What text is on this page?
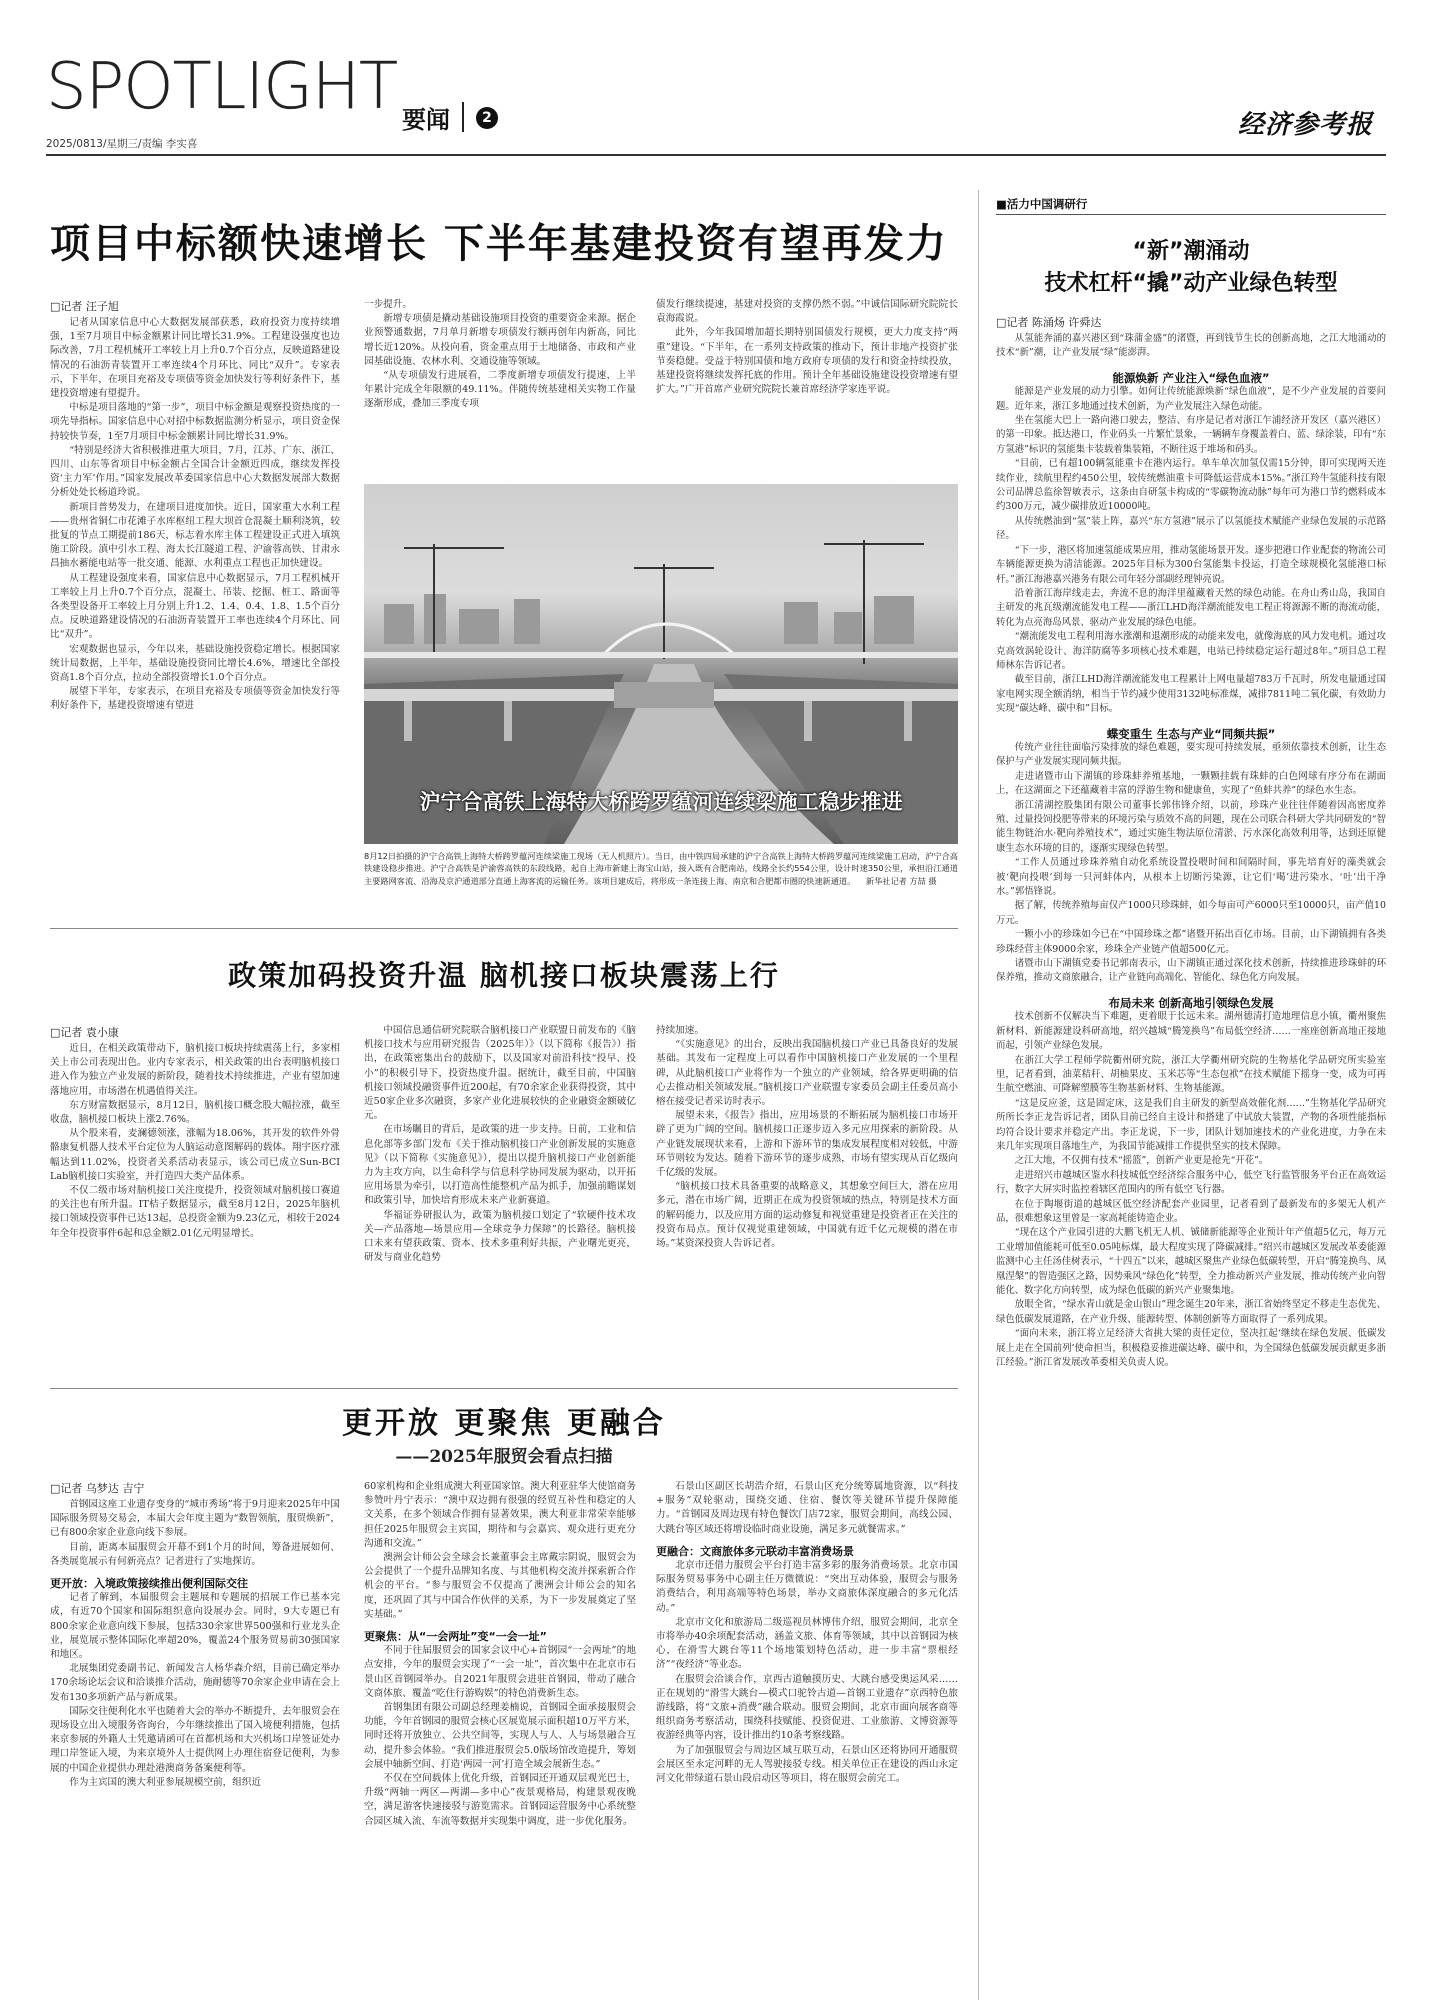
SPOTLIGHT 要闻	2
2025/0813/星期三/责编 李实喜
经济参考报
项目中标额快速增长 下半年基建投资有望再发力
□记者 汪子旭

记者从国家信息中心大数据发展部获悉，政府投资力度持续增强，1至7月项目中标金额累计同比增长31.9%。工程建设强度也边际改善，7月工程机械开工率较上月上升0.7个百分点，反映道路建设情况的石油沥青装置开工率连续4个月环比、同比“双升”。专家表示，下半年，在项目充裕及专项债等资金加快发行等利好条件下，基建投资增速有望提升。

中标是项目落地的“第一步”，项目中标金额是观察投资热度的一项先导指标。国家信息中心对招中标数据监测分析显示，项目资金保持较快节奏，1至7月项目中标金额累计同比增长31.9%。

“特别是经济大省积极推进重大项目，7月，江苏、广东、浙江、四川、山东等省项目中标金额占全国合计金额近四成，继续发挥投资‘主力军’作用。”国家发展改革委国家信息中心大数据发展部大数据分析处处长杨道玲说。

新项目普势发力，在建项目进度加快。近日，国家重大水利工程——贵州省铜仁市花滩子水库枢纽工程大坝首仓混凝土顺利浇筑，较批复的节点工期提前186天，标志着水库主体工程建设正式进入填筑施工阶段。滇中引水工程、海太长江隧道工程、沪渝蓉高铁、甘肃永昌抽水蓄能电站等一批交通、能源、水利重点工程也正加快建设。

从工程建设强度来看，国家信息中心数据显示，7月工程机械开工率较上月上升0.7个百分点，混凝土、吊装、挖掘、桩工、路面等各类型设备开工率较上月分别上升1.2、1.4、0.4、1.8、1.5个百分点。反映道路建设情况的石油沥青装置开工率也连续4个月环比、同比“双升”。

宏观数据也显示，今年以来，基础设施投资稳定增长。根据国家统计局数据，上半年，基础设施投资同比增长4.6%，增速比全部投资高1.8个百分点，拉动全部投资增长1.0个百分点。

展望下半年，专家表示，在项目充裕及专项债等资金加快发行等利好条件下，基建投资增速有望进

一步提升。

新增专项债是撬动基础设施项目投资的重要资金来源。据企业预警通数据，7月单月新增专项债发行额再创年内新高，同比增长近120%。从投向看，资金重点用于土地储备、市政和产业园基础设施、农林水利、交通设施等领域。

“从专项债发行进展看，二季度新增专项债发行提速，上半年累计完成全年限额的49.11%。伴随传统基建相关实物工作量逐渐形成，叠加三季度专项

债发行继续提速，基建对投资的支撑仍然不弱。”中诚信国际研究院院长袁海霞说。

此外，今年我国增加超长期特别国债发行规模，更大力度支持“两重”建设。“下半年，在一系列支持政策的推动下，预计非地产投资扩张节奏稳健。受益于特别国债和地方政府专项债的发行和资金持续投放，基建投资将继续发挥托底的作用。预计全年基础设施建设投资增速有望扩大。”广开首席产业研究院院长兼首席经济学家连平说。

沪宁合高铁上海特大桥跨罗蕴河连续梁施工稳步推进
8月12日拍摄的沪宁合高铁上海特大桥跨罗蕴河连续梁施工现场（无人机照片）。当日，由中铁四局承建的沪宁合高铁上海特大桥跨罗蕴河连续梁施工启动，沪宁合高铁建设稳步推进。沪宁合高铁是沪渝蓉高铁的东段线路，起自上海市新建上海宝山站，接入既有合肥南站，线路全长约554公里，设计时速350公里，承担沿江通道主要路网客流、沿海及京沪通道部分直通上海客流的运输任务。该项目建成后，将形成一条连接上海、南京和合肥都市圈的快速新通道。 新华社记者 方喆 摄
政策加码投资升温 脑机接口板块震荡上行
□记者 袁小康

近日，在相关政策带动下，脑机接口板块持续震荡上行，多家相关上市公司表现出色。业内专家表示，相关政策的出台表明脑机接口进入作为独立产业发展的新阶段，随着技术持续推进，产业有望加速落地应用，市场潜在机遇值得关注。

东方财富数据显示，8月12日，脑机接口概念股大幅拉涨，截至收盘，脑机接口板块上涨2.76%。

从个股来看，麦澜德领涨，涨幅为18.06%，其开发的软件外骨骼康复机器人技术平台定位为人脑运动意图解码的载体。翔宇医疗涨幅达到11.02%，投资者关系活动表显示，该公司已成立Sun-BCI Lab脑机接口实验室，并打造四大类产品体系。

不仅二级市场对脑机接口关注度提升，投资领域对脑机接口赛道的关注也有所升温。IT桔子数据显示，截至8月12日，2025年脑机接口领域投资事件已达13起，总投资金额为9.23亿元，相较于2024年全年投资事件6起和总金额2.01亿元明显增长。

中国信息通信研究院联合脑机接口产业联盟日前发布的《脑机接口技术与应用研究报告（2025年）》（以下简称《报告》）指出，在政策密集出台的鼓励下，以及国家对前沿科技“投早、投小”的积极引导下，投资热度升温。据统计，截至目前，中国脑机接口领域投融资事件近200起，有70余家企业获得投资，其中近50家企业多次融资，多家产业化进展较快的企业融资金额破亿元。

在市场瞩目的背后，是政策的进一步支持。日前，工业和信息化部等多部门发布《关于推动脑机接口产业创新发展的实施意见》（以下简称《实施意见》），提出以提升脑机接口产业创新能力为主攻方向，以生命科学与信息科学协同发展为驱动，以开拓应用场景为牵引，以打造高性能整机产品为抓手，加强前瞻谋划和政策引导，加快培育形成未来产业新赛道。

华福证券研报认为，政策为脑机接口划定了“软硬件技术攻关—产品落地—场景应用—全球竞争力保障”的长路径。脑机接口未来有望获政策、资本、技术多重利好共振，产业曙光更亮，研发与商业化趋势

持续加速。

“《实施意见》的出台，反映出我国脑机接口产业已具备良好的发展基础。其发布一定程度上可以看作中国脑机接口产业发展的一个里程碑，从此脑机接口产业将作为一个独立的产业领域，给各界更明确的信心去推动相关领域发展。”脑机接口产业联盟专家委员会副主任委员高小榕在接受记者采访时表示。

展望未来，《报告》指出，应用场景的不断拓展为脑机接口市场开辟了更为广阔的空间。脑机接口正逐步迈入多元应用探索的新阶段。从产业链发展现状来看，上游和下游环节的集成发展程度相对较低，中游环节则较为发达。随着下游环节的逐步成熟，市场有望实现从百亿级向千亿级的发展。

“脑机接口技术具备重要的战略意义，其想象空间巨大，潜在应用多元，潜在市场广阔，近期正在成为投资领域的热点，特别是技术方面的解码能力，以及应用方面的运动修复和视觉重建是投资者正在关注的投资布局点。预计仅视觉重建领域，中国就有近千亿元规模的潜在市场。”某资深投资人告诉记者。

更开放 更聚焦 更融合
——2025年服贸会看点扫描
□记者 乌梦达 吉宁

首钢园这座工业遗存变身的“城市秀场”将于9月迎来2025年中国国际服务贸易交易会，本届大会年度主题为“数智领航，服贸焕新”，已有800余家企业意向线下参展。

目前，距离本届服贸会开幕不到1个月的时间，筹备进展如何、各类展览展示有何新亮点？记者进行了实地探访。

更开放：入境政策接续推出便利国际交往

记者了解到，本届服贸会主题展和专题展的招展工作已基本完成，有近70个国家和国际组织意向设展办会。同时，9大专题已有800余家企业意向线下参展，包括330余家世界500强和行业龙头企业，展览展示整体国际化率超20%，覆盖24个服务贸易前30强国家和地区。

北展集团党委副书记、新闻发言人杨华森介绍，目前已确定举办170余场论坛会议和洽谈推介活动，施耐德等70余家企业申请在会上发布130多项新产品与新成果。

国际交往便利化水平也随着大会的举办不断提升，去年服贸会在现场设立出入境服务咨询台，今年继续推出了国入境便利措施，包括来京参展的外籍人士凭邀请函可在首都机场和大兴机场口岸签证处办理口岸签证入境，为来京境外人士提供网上办理住宿登记便利，为参展的中国企业提供办理赴港澳商务备案便利等。

作为主宾国的澳大利亚参展规模空前，组织近

60家机构和企业组成澳大利亚国家馆。澳大利亚驻华大使馆商务参赞叶丹宁表示：“澳中双边拥有很强的经贸互补性和稳定的人文关系，在多个领域合作拥有显著效果，澳大利亚非常荣幸能够担任2025年服贸会主宾国，期待和与会嘉宾、观众进行更充分沟通和交流。”

澳洲会计师公会全球会长兼董事会主席戴宗阴说，服贸会为公会提供了一个提升品牌知名度、与其他机构交流并探索新合作机会的平台。“参与服贸会不仅提高了澳洲会计师公会的知名度，还巩固了其与中国合作伙伴的关系，为下一步发展奠定了坚实基础。”

更聚焦：从“一会两址”变“一会一址”

不同于往届服贸会的国家会议中心+首钢园“一会两址”的地点安排，今年的服贸会实现了“一会一址”，首次集中在北京市石景山区首钢园举办。自2021年服贸会进驻首钢园，带动了融合文商体旅、覆盖“吃住行游购娱”的特色消费新生态。

首钢集团有限公司副总经理姜楠说，首钢园全面承接服贸会功能，今年首钢园的服贸会核心区展览展示面积超10万平方米，同时还将开放独立、公共空间等，实现人与人、人与场景融合互动，提升参会体验。“我们推进服贸会5.0版场馆改造提升，筹划会展中轴新空间、打造‘两园一河’打造全域会展新生态。”

不仅在空间载体上优化升级，首钢园还开通双层观光巴士，升级“两轴一两区—两湖—多中心”夜景观格局，构建景观夜晚空，满足游客快速接驳与游览需求。首钢园运营服务中心系统整合园区城入流、车流等数据并实现集中调度，进一步优化服务。

石景山区副区长胡浩介绍，石景山区充分统筹属地资源，以“科技+服务”双轮驱动，围绕交通、住宿、餐饮等关键环节提升保障能力。“首钢园及周边现有特色餐饮门店72家，服贸会期间，高线公园、大跳台等区域还将增设临时商业设施，满足多元就餐需求。”

更融合：文商旅体多元联动丰富消费场景

北京市还借力服贸会平台打造丰富多彩的服务消费场景。北京市国际服务贸易事务中心副主任万微微说：“突出互动体验，服贸会与服务消费结合，利用高端等特色场景，举办文商旅体深度融合的多元化活动。”

北京市文化和旅游局二级巡视员林博伟介绍，服贸会期间，北京全市将举办40余项配套活动，涵盖文旅、体育等领域，其中以首钢园为核心，在滑雪大跳台等11个场地策划特色活动，进一步丰富“票根经济”“夜经济”等业态。

在服贸会洽谈合作，京西古道触摸历史、大跳台感受奥运风采……正在规划的“滑雪大跳台—模式口驼铃古道—首钢工业遗存”京西特色旅游线路，将“文旅+消费”融合联动。服贸会期间，北京市面向展客商等组织商务考察活动，围绕科技赋能、投资促进、工业旅游、文博资源等夜游经典等内容，设计推出约10条考察线路。

为了加强服贸会与周边区域互联互动，石景山区还将协同开通服贸会展区至永定河畔的无人驾驶接驳专线。相关单位正在建设的西山永定河文化带绿道石景山段启动区等项目，将在服贸会前完工。

■活力中国调研行
“新”潮涌动
技术杠杆“撬”动产业绿色转型
□记者 陈涌炀 许舜达

从氢能奔涌的嘉兴港区到“珠蒲金盛”的渚暨，再到钱节生长的创新高地，之江大地涌动的技术“新”潮，让产业发展“绿”能澎湃。

能源焕新 产业注入“绿色血液”

能源是产业发展的动力引擎。如何让传统能源焕新“绿色血液”，是不少产业发展的首要问题。近年来，浙江多地通过技术创新，为产业发展注入绿色动能。

坐在氢能大巴上一路向港口驶去，整洁、有序是记者对浙江乍浦经济开发区（嘉兴港区）的第一印象。抵达港口，作业码头一片繁忙景象，一辆辆车身覆盖着白、蓝、绿涂装，印有“东方氢港”标识的氢能集卡装载着集装箱，不断往返于堆场和码头。

“目前，已有超100辆氢能重卡在港内运行。单车单次加氢仅需15分钟，即可实现两天连续作业，续航里程约450公里，较传统燃油重卡可降低运营成本15%。”浙江羚牛氢能科技有限公司品牌总监徐智敏表示，这条由自研氢卡构成的“零碳物流动脉”每年可为港口节约燃料成本约300万元，减少碳排放近10000吨。

从传统燃油到“氢”装上阵，嘉兴“东方氢港”展示了以氢能技术赋能产业绿色发展的示范路径。

“下一步，港区将加速氢能成果应用，推动氢能场景开发。逐步把港口作业配套的物流公司车辆能源更换为清洁能源。2025年目标为300台氢能集卡投运，打造全球规模化氢能港口标杆。”浙江海港嘉兴港务有限公司年轻分部副经理钟亮说。

沿着浙江海岸线走去，奔流不息的海洋里蕴藏着天然的绿色动能。在舟山秀山岛，我国自主研发的兆瓦级潮流能发电工程——浙江LHD海洋潮流能发电工程正将源源不断的海流动能，转化为点亮海岛风景、驱动产业发展的绿色电能。

“潮流能发电工程利用海水涨潮和退潮形成的动能来发电，就像海底的风力发电机。通过攻克高效涡轮设计、海洋防腐等多项核心技术难题，电站已持续稳定运行超过8年。”项目总工程师林东告诉记者。

截至目前，浙江LHD海洋潮流能发电工程累计上网电量超783万千瓦时，所发电量通过国家电网实现全额消纳，相当于节约减少使用3132吨标准煤，减排7811吨二氧化碳，有效助力实现“碳达峰、碳中和”目标。

蝶变重生 生态与产业“同频共振”

传统产业往往面临污染排放的绿色难题，要实现可持续发展，亟须依靠技术创新，让生态保护与产业发展实现同频共振。

走进诸暨市山下湖镇的珍珠蚌养殖基地，一颗颗挂载有珠蚌的白色网球有序分布在湖面上，在这湖面之下还蕴藏着丰富的浮游生物和健康鱼，实现了“鱼蚌共养”的绿色水生态。

浙江清湖控股集团有限公司董事长郭伟锋介绍，以前，珍珠产业往往伴随着因高密度养殖、过量投饲投肥等带来的环境污染与质效不高的问题，现在公司联合科研大学共同研发的“智能生物链治水·靶向养殖技术”，通过实施生物法原位清淤、污水深化高效利用等，达到还原健康生态水环境的目的，逐渐实现绿色转型。

“工作人员通过珍珠养殖自动化系统设置投喂时间和间隔时间，事先培育好的藻类就会被‘靶向投喂’到每一只河蚌体内，从根本上切断污染源，让它们‘喝’进污染水、‘吐’出干净水。”郭悟锋说。

据了解，传统养殖每亩仅产1000只珍珠蚌，如今每亩可产6000只至10000只，亩产值10万元。

一颗小小的珍珠如今已在“中国珍珠之都”诸暨开拓出百亿市场。目前，山下湖镇拥有各类珍珠经营主体9000余家，珍珠全产业链产值超500亿元。

诸暨市山下湖镇党委书记郭南表示，山下湖镇正通过深化技术创新，持续推进珍珠蚌的环保养殖，推动文商旅融合，让产业链向高端化、智能化、绿色化方向发展。

布局未来 创新高地引领绿色发展

技术创新不仅解决当下难题，更着眼于长远未来。湖州德清打造地理信息小镇，衢州聚焦新材料、新能源建设科研高地，绍兴越城“腾笼换鸟”布局低空经济……一座座创新高地正接地而起，引领产业绿色发展。

在浙江大学工程师学院衢州研究院，浙江大学衢州研究院的生物基化学品研究所实验室里，记者看到，油菜秸秆、胡柚果皮、玉米芯等“生态包袱”在技术赋能下摇身一变，成为可再生航空燃油、可降解塑膜等生物基新材料、生物基能源。

“这是反应釜，这是固定床，这是我们自主研发的新型高效催化剂……”生物基化学品研究所所长李正龙告诉记者，团队目前已经自主设计和搭建了中试放大装置，产物的各项性能指标均符合设计要求并稳定产出。李正龙说，下一步，团队计划加速技术的产业化进度，力争在未来几年实现项目落地生产，为我国节能减排工作提供坚实的技术保障。

之江大地，不仅拥有技术“摇篮”，创新产业更是抢先“开花”。

走进绍兴市越城区鉴水科技城低空经济综合服务中心，低空飞行监管服务平台正在高效运行，数字大屏实时监控着辖区范围内的所有低空飞行器。

在位于陶堰街道的越城区低空经济配套产业园里，记者看到了最新发布的多架无人机产品，很难想象这里曾是一家高耗能铸造企业。

“现在这个产业园引进的大鹏飞机无人机、铖储新能源等企业预计年产值超5亿元，每万元工业增加值能耗可低至0.05吨标煤，最大程度实现了降碳减排。”绍兴市越城区发展改革委能源监测中心主任汤佳树表示，“十四五”以来，越城区聚焦产业绿色低碳转型，开启“腾笼换鸟、凤凰涅槃”的智造强区之路，因势乘风“绿色化”转型，全力推动新兴产业发展，推动传统产业向智能化、数字化方向转型，成为绿色低碳的新兴产业聚集地。

放眼全省，“绿水青山就是金山银山”理念诞生20年来，浙江省始终坚定不移走生态优先、绿色低碳发展道路，在产业升级、能源转型、体制创新等方面取得了一系列成果。

“面向未来，浙江将立足经济大省挑大梁的责任定位，坚决扛起‘继续在绿色发展、低碳发展上走在全国前列’使命担当，积极稳妥推进碳达峰、碳中和，为全国绿色低碳发展贡献更多浙江经验。”浙江省发展改革委相关负责人说。
